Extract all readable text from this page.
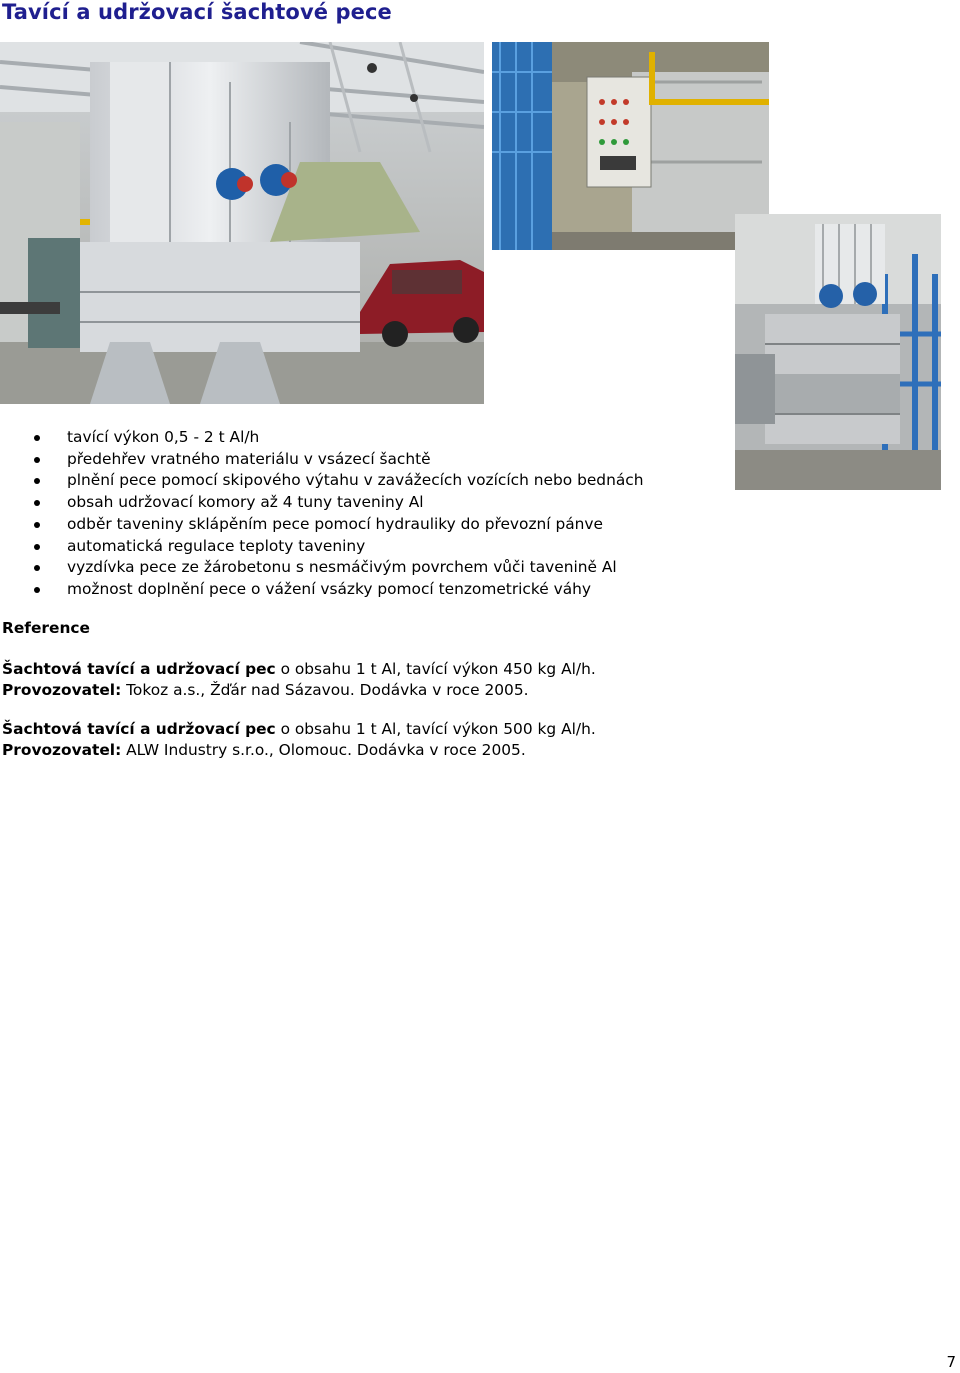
Tavící a udržovací šachtové pece
tavící výkon 0,5 - 2 t Al/h
předehřev vratného materiálu v vsázecí šachtě
plnění pece pomocí skipového výtahu v zavážecích vozících nebo bednách
obsah udržovací komory až 4 tuny taveniny Al
odběr taveniny sklápěním pece pomocí hydrauliky do převozní pánve
automatická regulace teploty taveniny
vyzdívka pece ze žárobetonu s nesmáčivým povrchem vůči tavenině Al
možnost doplnění pece o vážení vsázky pomocí tenzometrické váhy
Reference

Šachtová tavící a udržovací pec o obsahu 1 t Al, tavící výkon 450 kg Al/h.
Provozovatel: Tokoz a.s., Žďár nad Sázavou. Dodávka v roce 2005.

Šachtová tavící a udržovací pec o obsahu 1 t Al, tavící výkon 500 kg Al/h.
Provozovatel: ALW Industry s.r.o., Olomouc. Dodávka v roce 2005.

7
